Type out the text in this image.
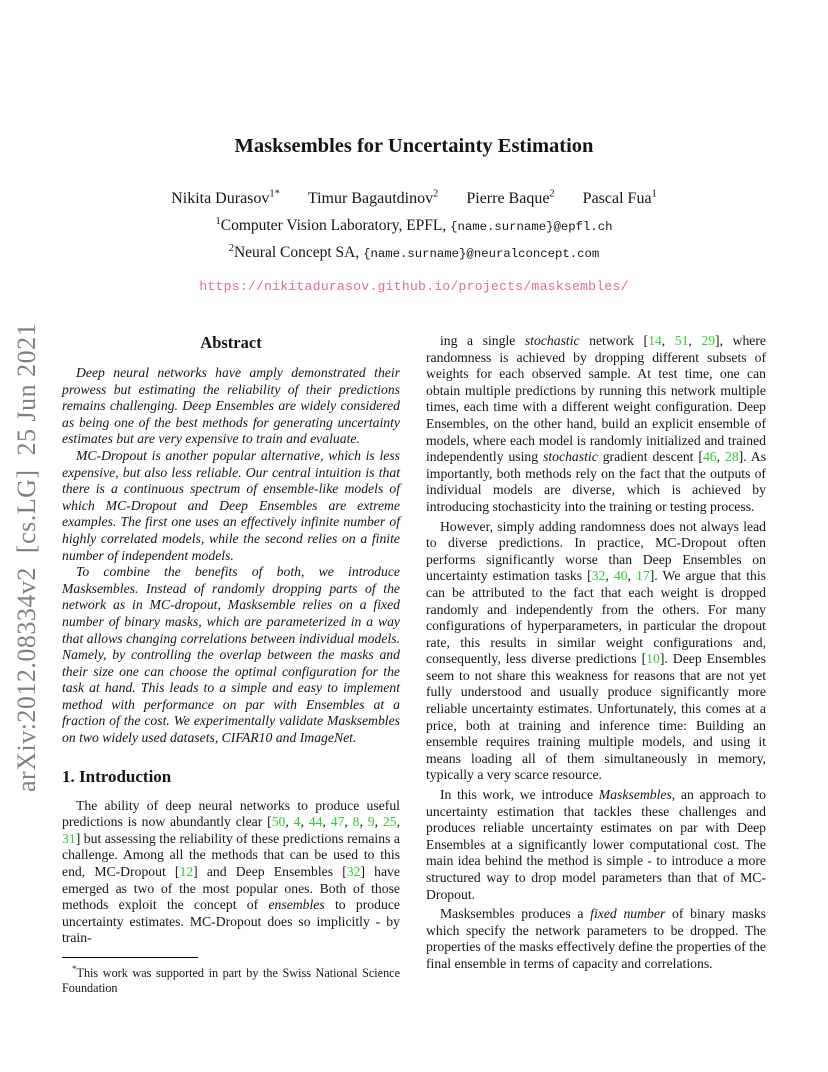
arXiv:2012.08334v2  [cs.LG]  25 Jun 2021
Masksembles for Uncertainty Estimation
Nikita Durasov$^{1*}$ Timur Bagautdinov$^2$ Pierre Baque$^2$ Pascal Fua$^1$
$^1$Computer Vision Laboratory, EPFL, {name.surname}@epfl.ch
$^2$Neural Concept SA, {name.surname}@neuralconcept.com
https://nikitadurasov.github.io/projects/masksembles/
Abstract

Deep neural networks have amply demonstrated their prowess but estimating the reliability of their predictions remains challenging. Deep Ensembles are widely considered as being one of the best methods for generating uncertainty estimates but are very expensive to train and evaluate.

MC-Dropout is another popular alternative, which is less expensive, but also less reliable. Our central intuition is that there is a continuous spectrum of ensemble-like models of which MC-Dropout and Deep Ensembles are extreme examples. The first one uses an effectively infinite number of highly correlated models, while the second relies on a finite number of independent models.

To combine the benefits of both, we introduce Masksembles. Instead of randomly dropping parts of the network as in MC-dropout, Masksemble relies on a fixed number of binary masks, which are parameterized in a way that allows changing correlations between individual models. Namely, by controlling the overlap between the masks and their size one can choose the optimal configuration for the task at hand. This leads to a simple and easy to implement method with performance on par with Ensembles at a fraction of the cost. We experimentally validate Masksembles on two widely used datasets, CIFAR10 and ImageNet.

1. Introduction

The ability of deep neural networks to produce useful predictions is now abundantly clear [50, 4, 44, 47, 8, 9, 25, 31] but assessing the reliability of these predictions remains a challenge. Among all the methods that can be used to this end, MC-Dropout [12] and Deep Ensembles [32] have emerged as two of the most popular ones. Both of those methods exploit the concept of ensembles to produce uncertainty estimates. MC-Dropout does so implicitly - by train-

*This work was supported in part by the Swiss National Science Foundation

ing a single stochastic network [14, 51, 29], where randomness is achieved by dropping different subsets of weights for each observed sample. At test time, one can obtain multiple predictions by running this network multiple times, each time with a different weight configuration. Deep Ensembles, on the other hand, build an explicit ensemble of models, where each model is randomly initialized and trained independently using stochastic gradient descent [46, 28]. As importantly, both methods rely on the fact that the outputs of individual models are diverse, which is achieved by introducing stochasticity into the training or testing process.

However, simply adding randomness does not always lead to diverse predictions. In practice, MC-Dropout often performs significantly worse than Deep Ensembles on uncertainty estimation tasks [32, 40, 17]. We argue that this can be attributed to the fact that each weight is dropped randomly and independently from the others. For many configurations of hyperparameters, in particular the dropout rate, this results in similar weight configurations and, consequently, less diverse predictions [10]. Deep Ensembles seem to not share this weakness for reasons that are not yet fully understood and usually produce significantly more reliable uncertainty estimates. Unfortunately, this comes at a price, both at training and inference time: Building an ensemble requires training multiple models, and using it means loading all of them simultaneously in memory, typically a very scarce resource.

In this work, we introduce Masksembles, an approach to uncertainty estimation that tackles these challenges and produces reliable uncertainty estimates on par with Deep Ensembles at a significantly lower computational cost. The main idea behind the method is simple - to introduce a more structured way to drop model parameters than that of MC-Dropout.

Masksembles produces a fixed number of binary masks which specify the network parameters to be dropped. The properties of the masks effectively define the properties of the final ensemble in terms of capacity and correlations.
